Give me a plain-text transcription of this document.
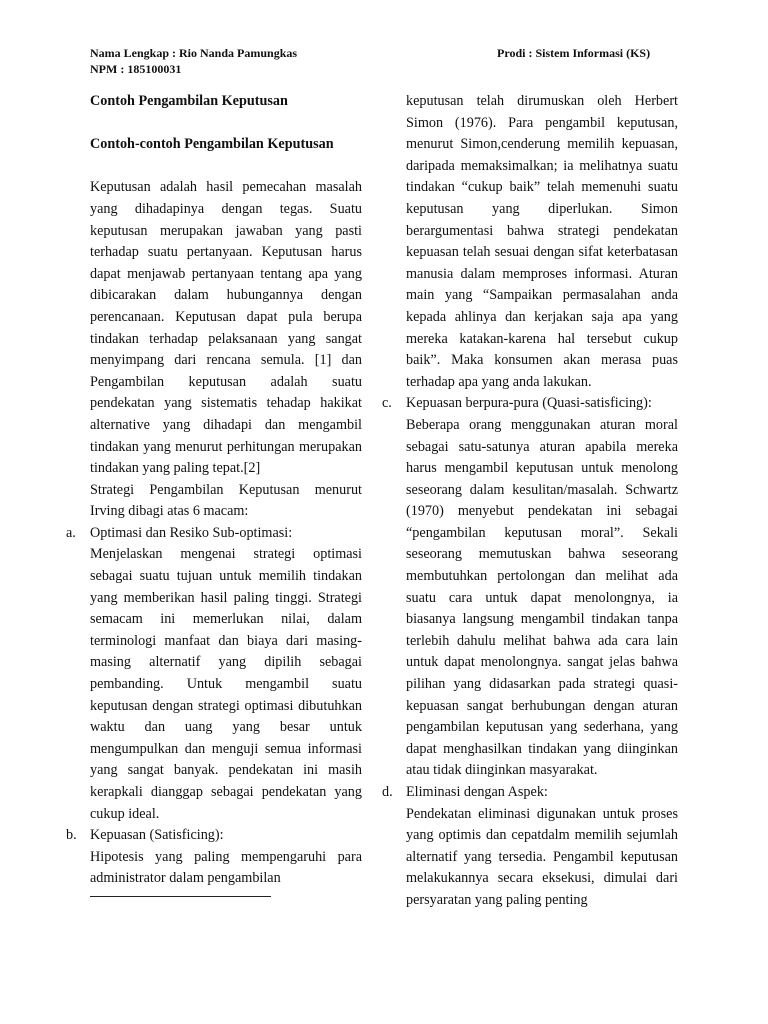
Nama Lengkap : Rio Nanda Pamungkas
NPM : 185100031
Prodi : Sistem Informasi (KS)

Contoh Pengambilan Keputusan

Contoh-contoh Pengambilan Keputusan

Keputusan adalah hasil pemecahan masalah yang dihadapinya dengan tegas. Suatu keputusan merupakan jawaban yang pasti terhadap suatu pertanyaan. Keputusan harus dapat menjawab pertanyaan tentang apa yang dibicarakan dalam hubungannya dengan perencanaan. Keputusan dapat pula berupa tindakan terhadap pelaksanaan yang sangat menyimpang dari rencana semula. [1] dan Pengambilan keputusan adalah suatu pendekatan yang sistematis tehadap hakikat alternative yang dihadapi dan mengambil tindakan yang menurut perhitungan merupakan tindakan yang paling tepat.[2]

Strategi Pengambilan Keputusan menurut Irving dibagi atas 6 macam:

a. Optimasi dan Resiko Sub-optimasi:

Menjelaskan mengenai strategi optimasi sebagai suatu tujuan untuk memilih tindakan yang memberikan hasil paling tinggi. Strategi semacam ini memerlukan nilai, dalam terminologi manfaat dan biaya dari masing-masing alternatif yang dipilih sebagai pembanding. Untuk mengambil suatu keputusan dengan strategi optimasi dibutuhkan waktu dan uang yang besar untuk mengumpulkan dan menguji semua informasi yang sangat banyak. pendekatan ini masih kerapkali dianggap sebagai pendekatan yang cukup ideal.

b. Kepuasan (Satisficing):

Hipotesis yang paling mempengaruhi para administrator dalam pengambilan

keputusan telah dirumuskan oleh Herbert Simon (1976). Para pengambil keputusan, menurut Simon,cenderung memilih kepuasan, daripada memaksimalkan; ia melihatnya suatu tindakan “cukup baik” telah memenuhi suatu keputusan yang diperlukan. Simon berargumentasi bahwa strategi pendekatan kepuasan telah sesuai dengan sifat keterbatasan manusia dalam memproses informasi. Aturan main yang “Sampaikan permasalahan anda kepada ahlinya dan kerjakan saja apa yang mereka katakan-karena hal tersebut cukup baik”. Maka konsumen akan merasa puas terhadap apa yang anda lakukan.

c. Kepuasan berpura-pura (Quasi-satisficing):

Beberapa orang menggunakan aturan moral sebagai satu-satunya aturan apabila mereka harus mengambil keputusan untuk menolong seseorang dalam kesulitan/masalah. Schwartz (1970) menyebut pendekatan ini sebagai “pengambilan keputusan moral”. Sekali seseorang memutuskan bahwa seseorang membutuhkan pertolongan dan melihat ada suatu cara untuk dapat menolongnya, ia biasanya langsung mengambil tindakan tanpa terlebih dahulu melihat bahwa ada cara lain untuk dapat menolongnya. sangat jelas bahwa pilihan yang didasarkan pada strategi quasi-kepuasan sangat berhubungan dengan aturan pengambilan keputusan yang sederhana, yang dapat menghasilkan tindakan yang diinginkan atau tidak diinginkan masyarakat.

d. Eliminasi dengan Aspek:

Pendekatan eliminasi digunakan untuk proses yang optimis dan cepatdalm memilih sejumlah alternatif yang tersedia. Pengambil keputusan melakukannya secara eksekusi, dimulai dari persyaratan yang paling penting
